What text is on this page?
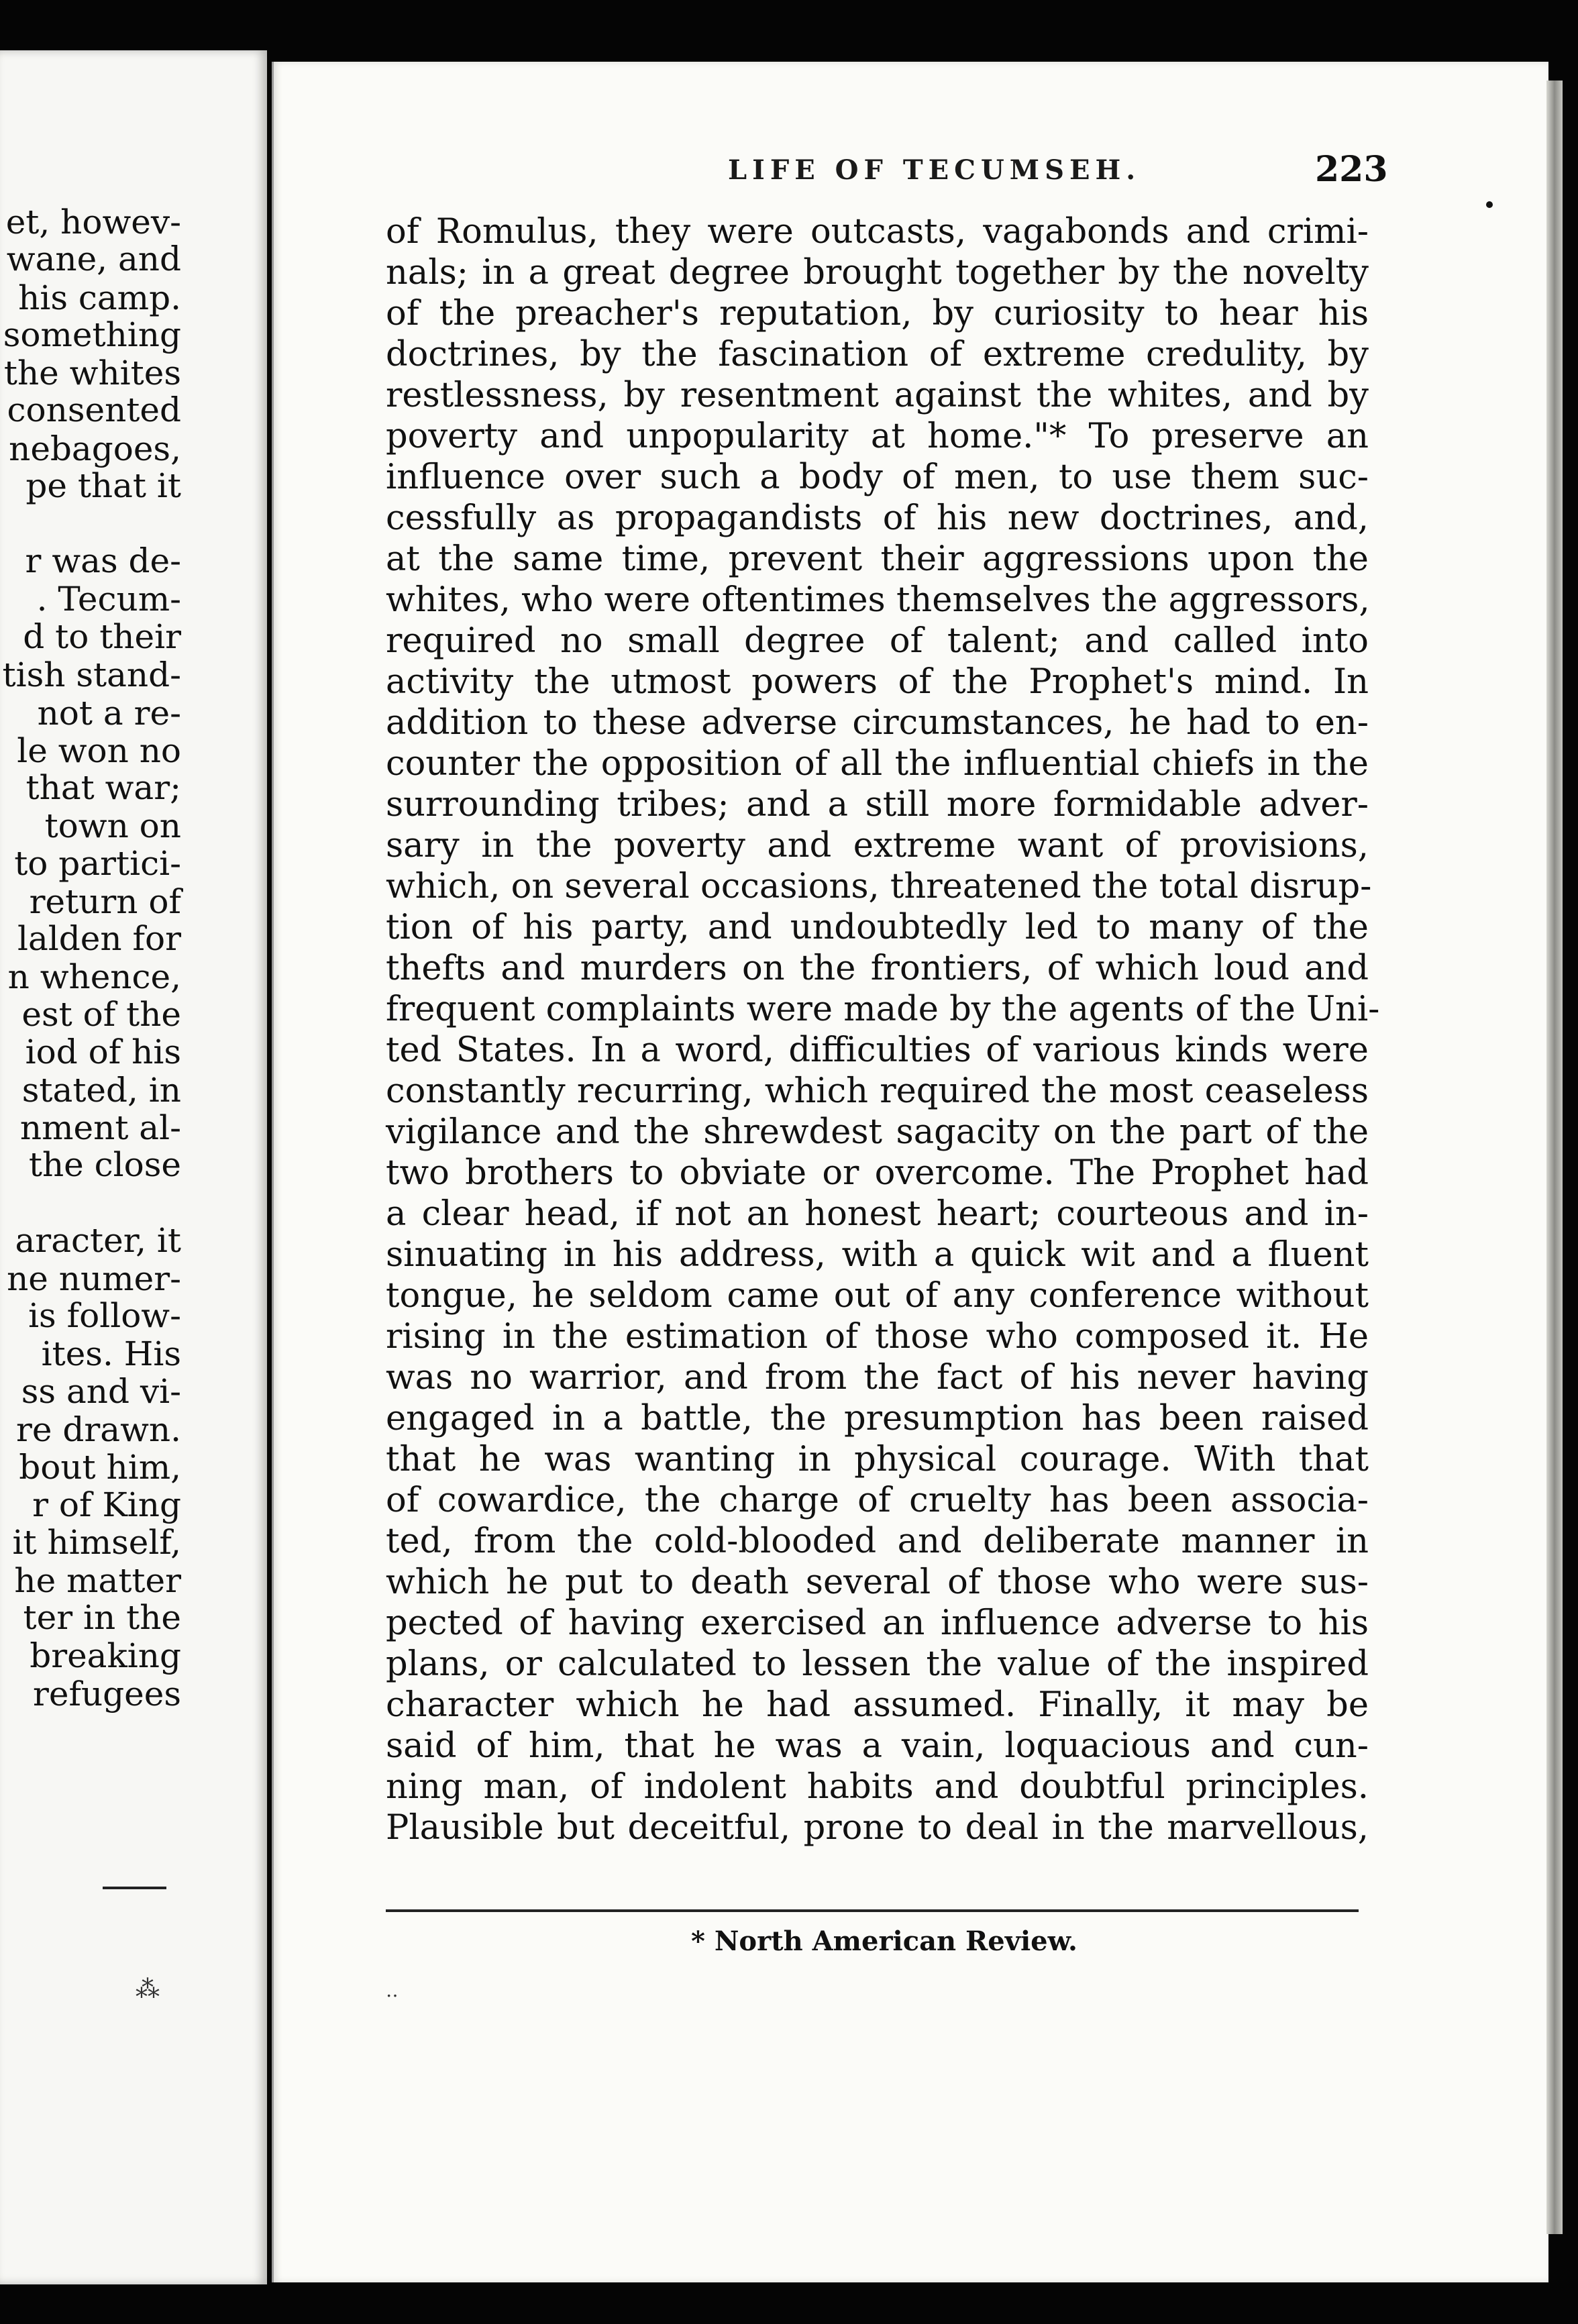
et, howev-
wane, and
his camp.
something
the whites
consented
nebagoes,
pe that it
r was de-
. Tecum-
d to their
tish stand-
not a re-
le won no
that war;
town on
to partici-
return of
lalden for
n whence,
est of the
iod of his
stated, in
nment al-
the close
aracter, it
ne numer-
is follow-
ites. His
ss and vi-
re drawn.
bout him,
r of King
it himself,
he matter
ter in the
breaking
refugees
⁂
LIFE OF TECUMSEH.	223
of Romulus, they were outcasts, vagabonds and crimi-
nals; in a great degree brought together by the novelty
of the preacher's reputation, by curiosity to hear his
doctrines, by the fascination of extreme credulity, by
restlessness, by resentment against the whites, and by
poverty and unpopularity at home."* To preserve an
influence over such a body of men, to use them suc-
cessfully as propagandists of his new doctrines, and,
at the same time, prevent their aggressions upon the
whites, who were oftentimes themselves the aggressors,
required no small degree of talent; and called into
activity the utmost powers of the Prophet's mind. In
addition to these adverse circumstances, he had to en-
counter the opposition of all the influential chiefs in the
surrounding tribes; and a still more formidable adver-
sary in the poverty and extreme want of provisions,
which, on several occasions, threatened the total disrup-
tion of his party, and undoubtedly led to many of the
thefts and murders on the frontiers, of which loud and
frequent complaints were made by the agents of the Uni-
ted States. In a word, difficulties of various kinds were
constantly recurring, which required the most ceaseless
vigilance and the shrewdest sagacity on the part of the
two brothers to obviate or overcome. The Prophet had
a clear head, if not an honest heart; courteous and in-
sinuating in his address, with a quick wit and a fluent
tongue, he seldom came out of any conference without
rising in the estimation of those who composed it. He
was no warrior, and from the fact of his never having
engaged in a battle, the presumption has been raised
that he was wanting in physical courage. With that
of cowardice, the charge of cruelty has been associa-
ted, from the cold-blooded and deliberate manner in
which he put to death several of those who were sus-
pected of having exercised an influence adverse to his
plans, or calculated to lessen the value of the inspired
character which he had assumed. Finally, it may be
said of him, that he was a vain, loquacious and cun-
ning man, of indolent habits and doubtful principles.
Plausible but deceitful, prone to deal in the marvellous,
* North American Review.
‥
